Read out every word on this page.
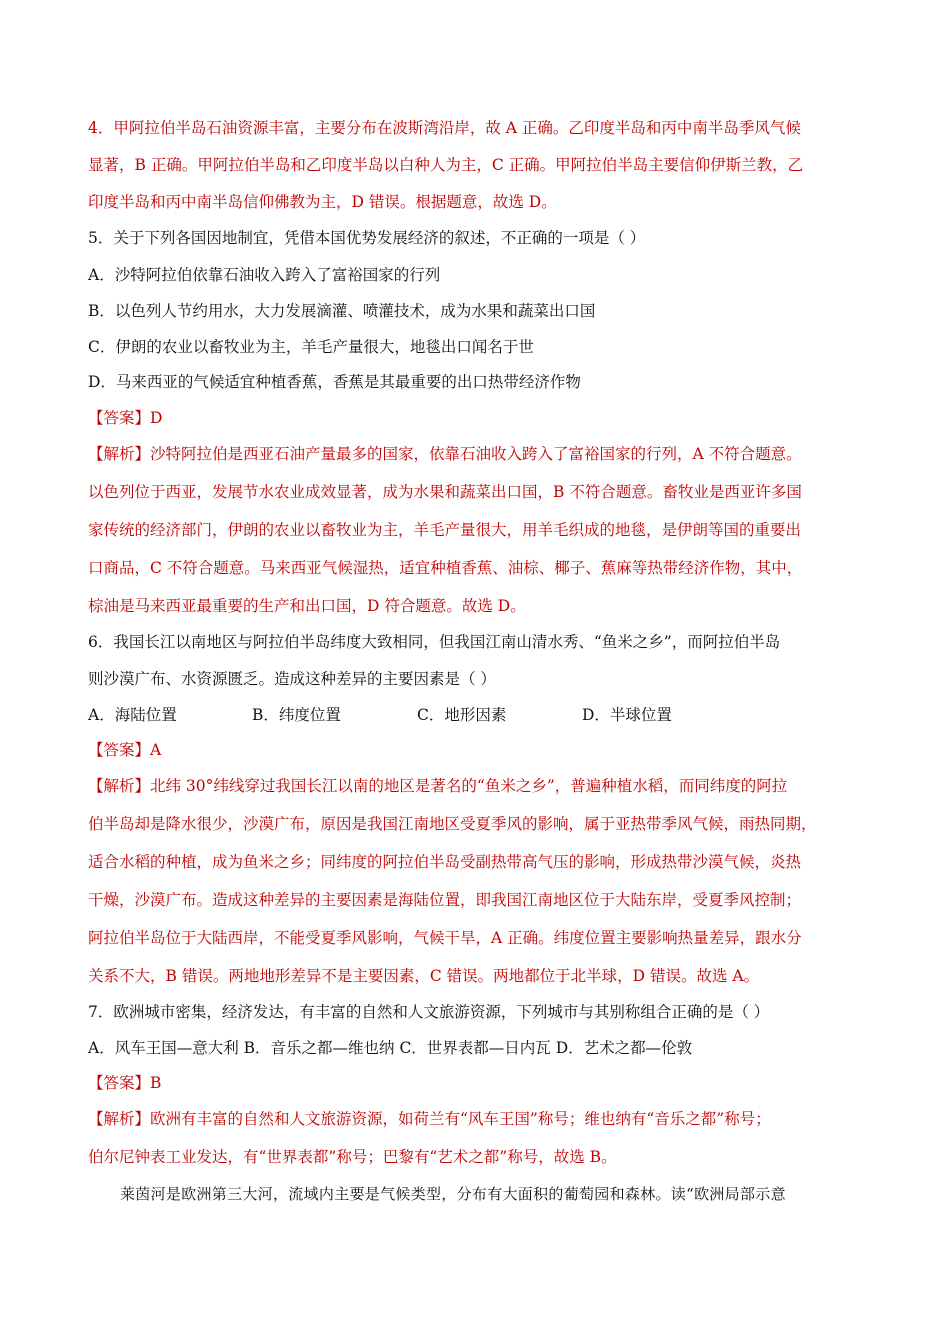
4．甲阿拉伯半岛石油资源丰富，主要分布在波斯湾沿岸，故 A 正确。乙印度半岛和丙中南半岛季风气候
显著，B 正确。甲阿拉伯半岛和乙印度半岛以白种人为主，C 正确。甲阿拉伯半岛主要信仰伊斯兰教，乙
印度半岛和丙中南半岛信仰佛教为主，D 错误。根据题意，故选 D。
5．关于下列各国因地制宜，凭借本国优势发展经济的叙述，不正确的一项是（ ）
A．沙特阿拉伯依靠石油收入跨入了富裕国家的行列
B．以色列人节约用水，大力发展滴灌、喷灌技术，成为水果和蔬菜出口国
C．伊朗的农业以畜牧业为主，羊毛产量很大，地毯出口闻名于世
D．马来西亚的气候适宜种植香蕉，香蕉是其最重要的出口热带经济作物
【答案】D
【解析】沙特阿拉伯是西亚石油产量最多的国家，依靠石油收入跨入了富裕国家的行列，A 不符合题意。
以色列位于西亚，发展节水农业成效显著，成为水果和蔬菜出口国，B 不符合题意。畜牧业是西亚许多国
家传统的经济部门，伊朗的农业以畜牧业为主，羊毛产量很大，用羊毛织成的地毯，是伊朗等国的重要出
口商品，C 不符合题意。马来西亚气候湿热，适宜种植香蕉、油棕、椰子、蕉麻等热带经济作物，其中，
棕油是马来西亚最重要的生产和出口国，D 符合题意。故选 D。
6．我国长江以南地区与阿拉伯半岛纬度大致相同，但我国江南山清水秀、“鱼米之乡”，而阿拉伯半岛
则沙漠广布、水资源匮乏。造成这种差异的主要因素是（ ）
A．海陆位置	B．纬度位置	C．地形因素	D．半球位置
【答案】A
【解析】北纬 30°纬线穿过我国长江以南的地区是著名的“鱼米之乡”，普遍种植水稻，而同纬度的阿拉
伯半岛却是降水很少，沙漠广布，原因是我国江南地区受夏季风的影响，属于亚热带季风气候，雨热同期，
适合水稻的种植，成为鱼米之乡；同纬度的阿拉伯半岛受副热带高气压的影响，形成热带沙漠气候，炎热
干燥，沙漠广布。造成这种差异的主要因素是海陆位置，即我国江南地区位于大陆东岸，受夏季风控制；
阿拉伯半岛位于大陆西岸，不能受夏季风影响，气候干旱，A 正确。纬度位置主要影响热量差异，跟水分
关系不大，B 错误。两地地形差异不是主要因素，C 错误。两地都位于北半球，D 错误。故选 A。
7．欧洲城市密集，经济发达，有丰富的自然和人文旅游资源，下列城市与其别称组合正确的是（ ）
A．风车王国—意大利 B．音乐之都—维也纳 C．世界表都—日内瓦 D．艺术之都—伦敦
【答案】B
【解析】欧洲有丰富的自然和人文旅游资源，如荷兰有“风车王国”称号；维也纳有“音乐之都”称号；
伯尔尼钟表工业发达，有“世界表都”称号；巴黎有“艺术之都”称号，故选 B。
莱茵河是欧洲第三大河，流域内主要是气候类型，分布有大面积的葡萄园和森林。读“欧洲局部示意
